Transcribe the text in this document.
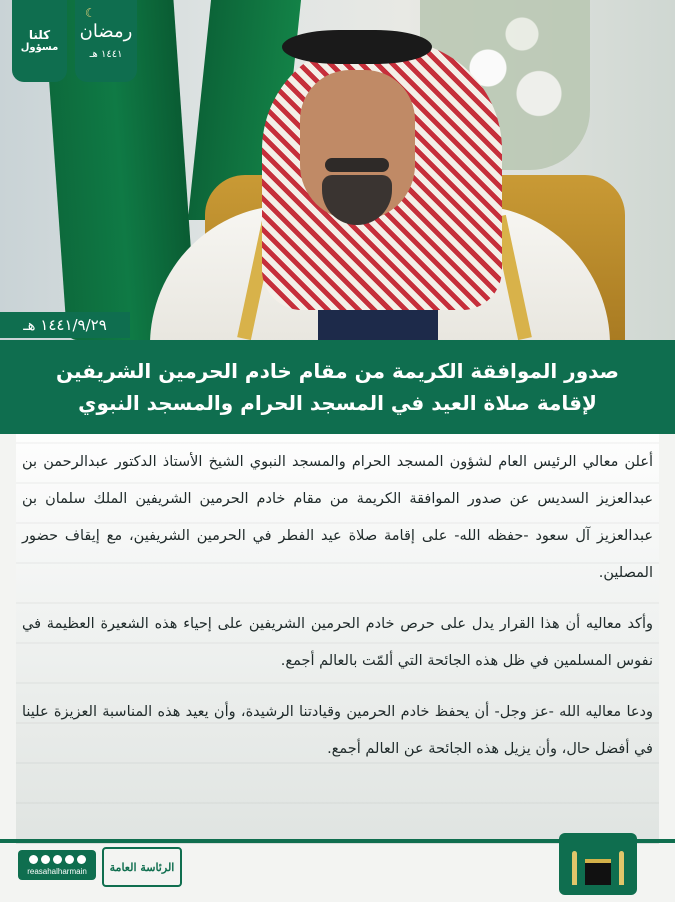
☾
رمضان
١٤٤١ هـ
كلنا
مسؤول
١٤٤١/٩/٢٩ هـ
صدور الموافقة الكريمة من مقام خادم الحرمين الشريفين
لإقامة صلاة العيد في المسجد الحرام والمسجد النبوي

أعلن معالي الرئيس العام لشؤون المسجد الحرام والمسجد النبوي الشيخ الأستاذ الدكتور عبدالرحمن بن عبدالعزيز السديس عن صدور الموافقة الكريمة من مقام خادم الحرمين الشريفين الملك سلمان بن عبدالعزيز آل سعود -حفظه الله- على إقامة صلاة عيد الفطر في الحرمين الشريفين، مع إيقاف حضور المصلين.

وأكد معاليه أن هذا القرار يدل على حرص خادم الحرمين الشريفين على إحياء هذه الشعيرة العظيمة في نفوس المسلمين في ظل هذه الجائحة التي ألمّت بالعالم أجمع.

ودعا معاليه الله -عز وجل- أن يحفظ خادم الحرمين وقيادتنا الرشيدة، وأن يعيد هذه المناسبة العزيزة علينا في أفضل حال، وأن يزيل هذه الجائحة عن العالم أجمع.

reasahalharmain	الرئاسة العامة
